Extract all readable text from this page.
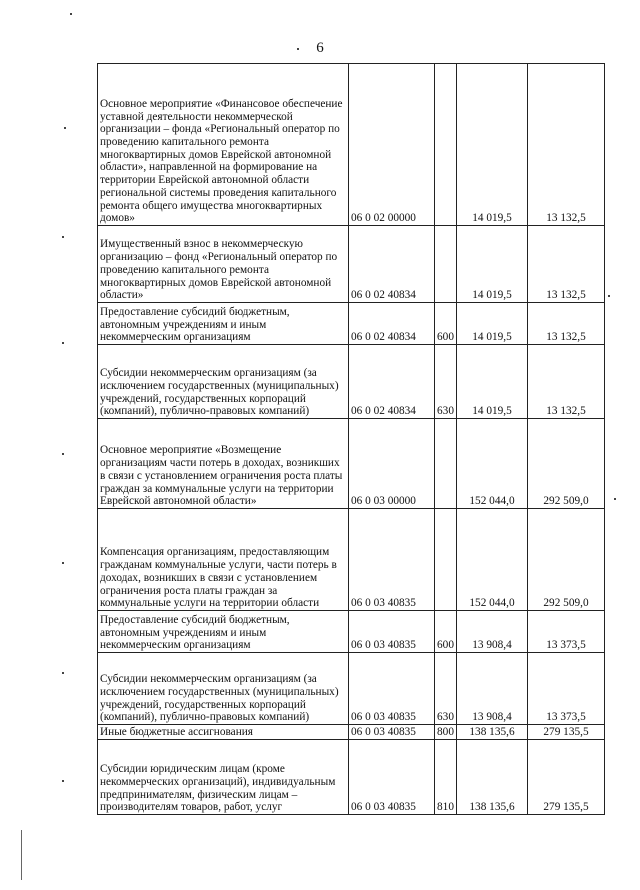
6
Основное мероприятие «Финансовое обеспечение уставной деятельности некоммерческой организации – фонда «Региональный оператор по проведению капитального ремонта многоквартирных домов Еврейской автономной области», направленной на формирование на территории Еврейской автономной области региональной системы проведения капитального ремонта общего имущества многоквартирных домов»	06 0 02 00000		14 019,5	13 132,5
Имущественный взнос в некоммерческую организацию – фонд «Региональный оператор по проведению капитального ремонта многоквартирных домов Еврейской автономной области»	06 0 02 40834		14 019,5	13 132,5
Предоставление субсидий бюджетным, автономным учреждениям и иным некоммерческим организациям	06 0 02 40834	600	14 019,5	13 132,5
Субсидии некоммерческим организациям (за исключением государственных (муниципальных) учреждений, государственных корпораций (компаний), публично-правовых компаний)	06 0 02 40834	630	14 019,5	13 132,5
Основное мероприятие «Возмещение организациям части потерь в доходах, возникших в связи с установлением ограничения роста платы граждан за коммунальные услуги на территории Еврейской автономной области»	06 0 03 00000		152 044,0	292 509,0
Компенсация организациям, предоставляющим гражданам коммунальные услуги, части потерь в доходах, возникших в связи с установлением ограничения роста платы граждан за коммунальные услуги на территории области	06 0 03 40835		152 044,0	292 509,0
Предоставление субсидий бюджетным, автономным учреждениям и иным некоммерческим организациям	06 0 03 40835	600	13 908,4	13 373,5
Субсидии некоммерческим организациям (за исключением государственных (муниципальных) учреждений, государственных корпораций (компаний), публично-правовых компаний)	06 0 03 40835	630	13 908,4	13 373,5
Иные бюджетные ассигнования	06 0 03 40835	800	138 135,6	279 135,5
Субсидии юридическим лицам (кроме некоммерческих организаций), индивидуальным предпринимателям, физическим лицам – производителям товаров, работ, услуг	06 0 03 40835	810	138 135,6	279 135,5
